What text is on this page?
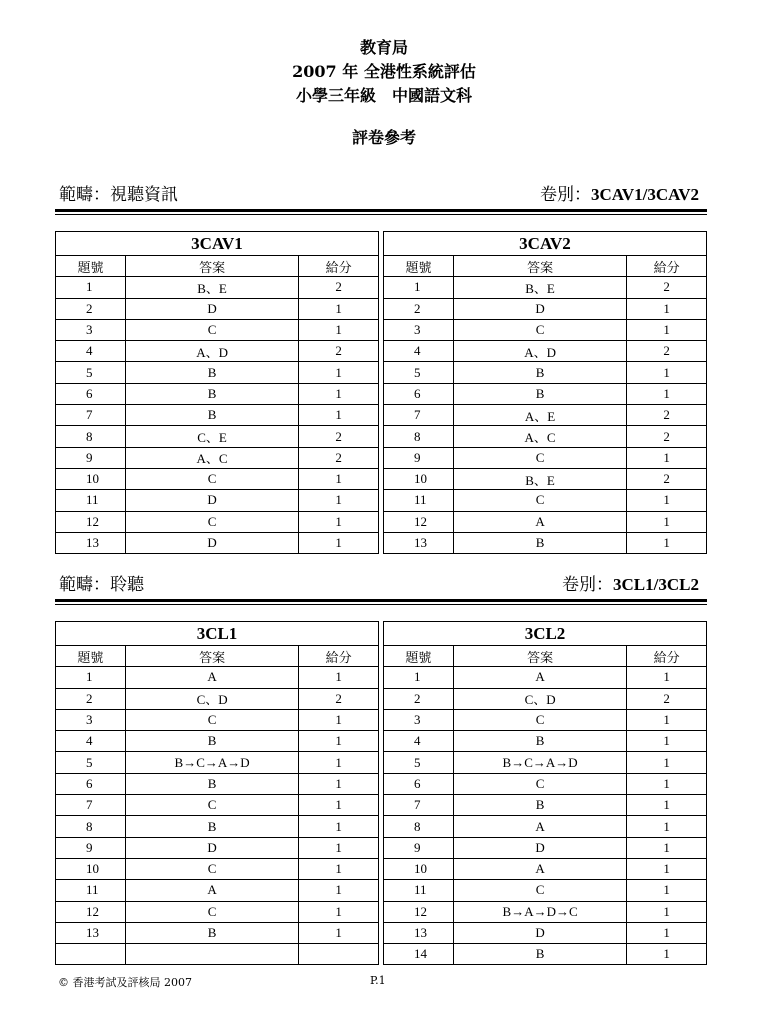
教育局
2007 年 全港性系統評估
小學三年級　中國語文科
評卷參考
範疇：視聽資訊	卷別：3CAV1/3CAV2
3CAV1		
題號	答案	給分
1	B、E	2
2	D	1
3	C	1
4	A、D	2
5	B	1
6	B	1
7	B	1
8	C、E	2
9	A、C	2
10	C	1
11	D	1
12	C	1
13	D	1
3CAV2		
題號	答案	給分
1	B、E	2
2	D	1
3	C	1
4	A、D	2
5	B	1
6	B	1
7	A、E	2
8	A、C	2
9	C	1
10	B、E	2
11	C	1
12	A	1
13	B	1
範疇：聆聽	卷別：3CL1/3CL2
3CL1		
題號	答案	給分
1	A	1
2	C、D	2
3	C	1
4	B	1
5	B→C→A→D	1
6	B	1
7	C	1
8	B	1
9	D	1
10	C	1
11	A	1
12	C	1
13	B	1

3CL2		
題號	答案	給分
1	A	1
2	C、D	2
3	C	1
4	B	1
5	B→C→A→D	1
6	C	1
7	B	1
8	A	1
9	D	1
10	A	1
11	C	1
12	B→A→D→C	1
13	D	1
14	B	1
© 香港考試及評核局 2007	P.1
